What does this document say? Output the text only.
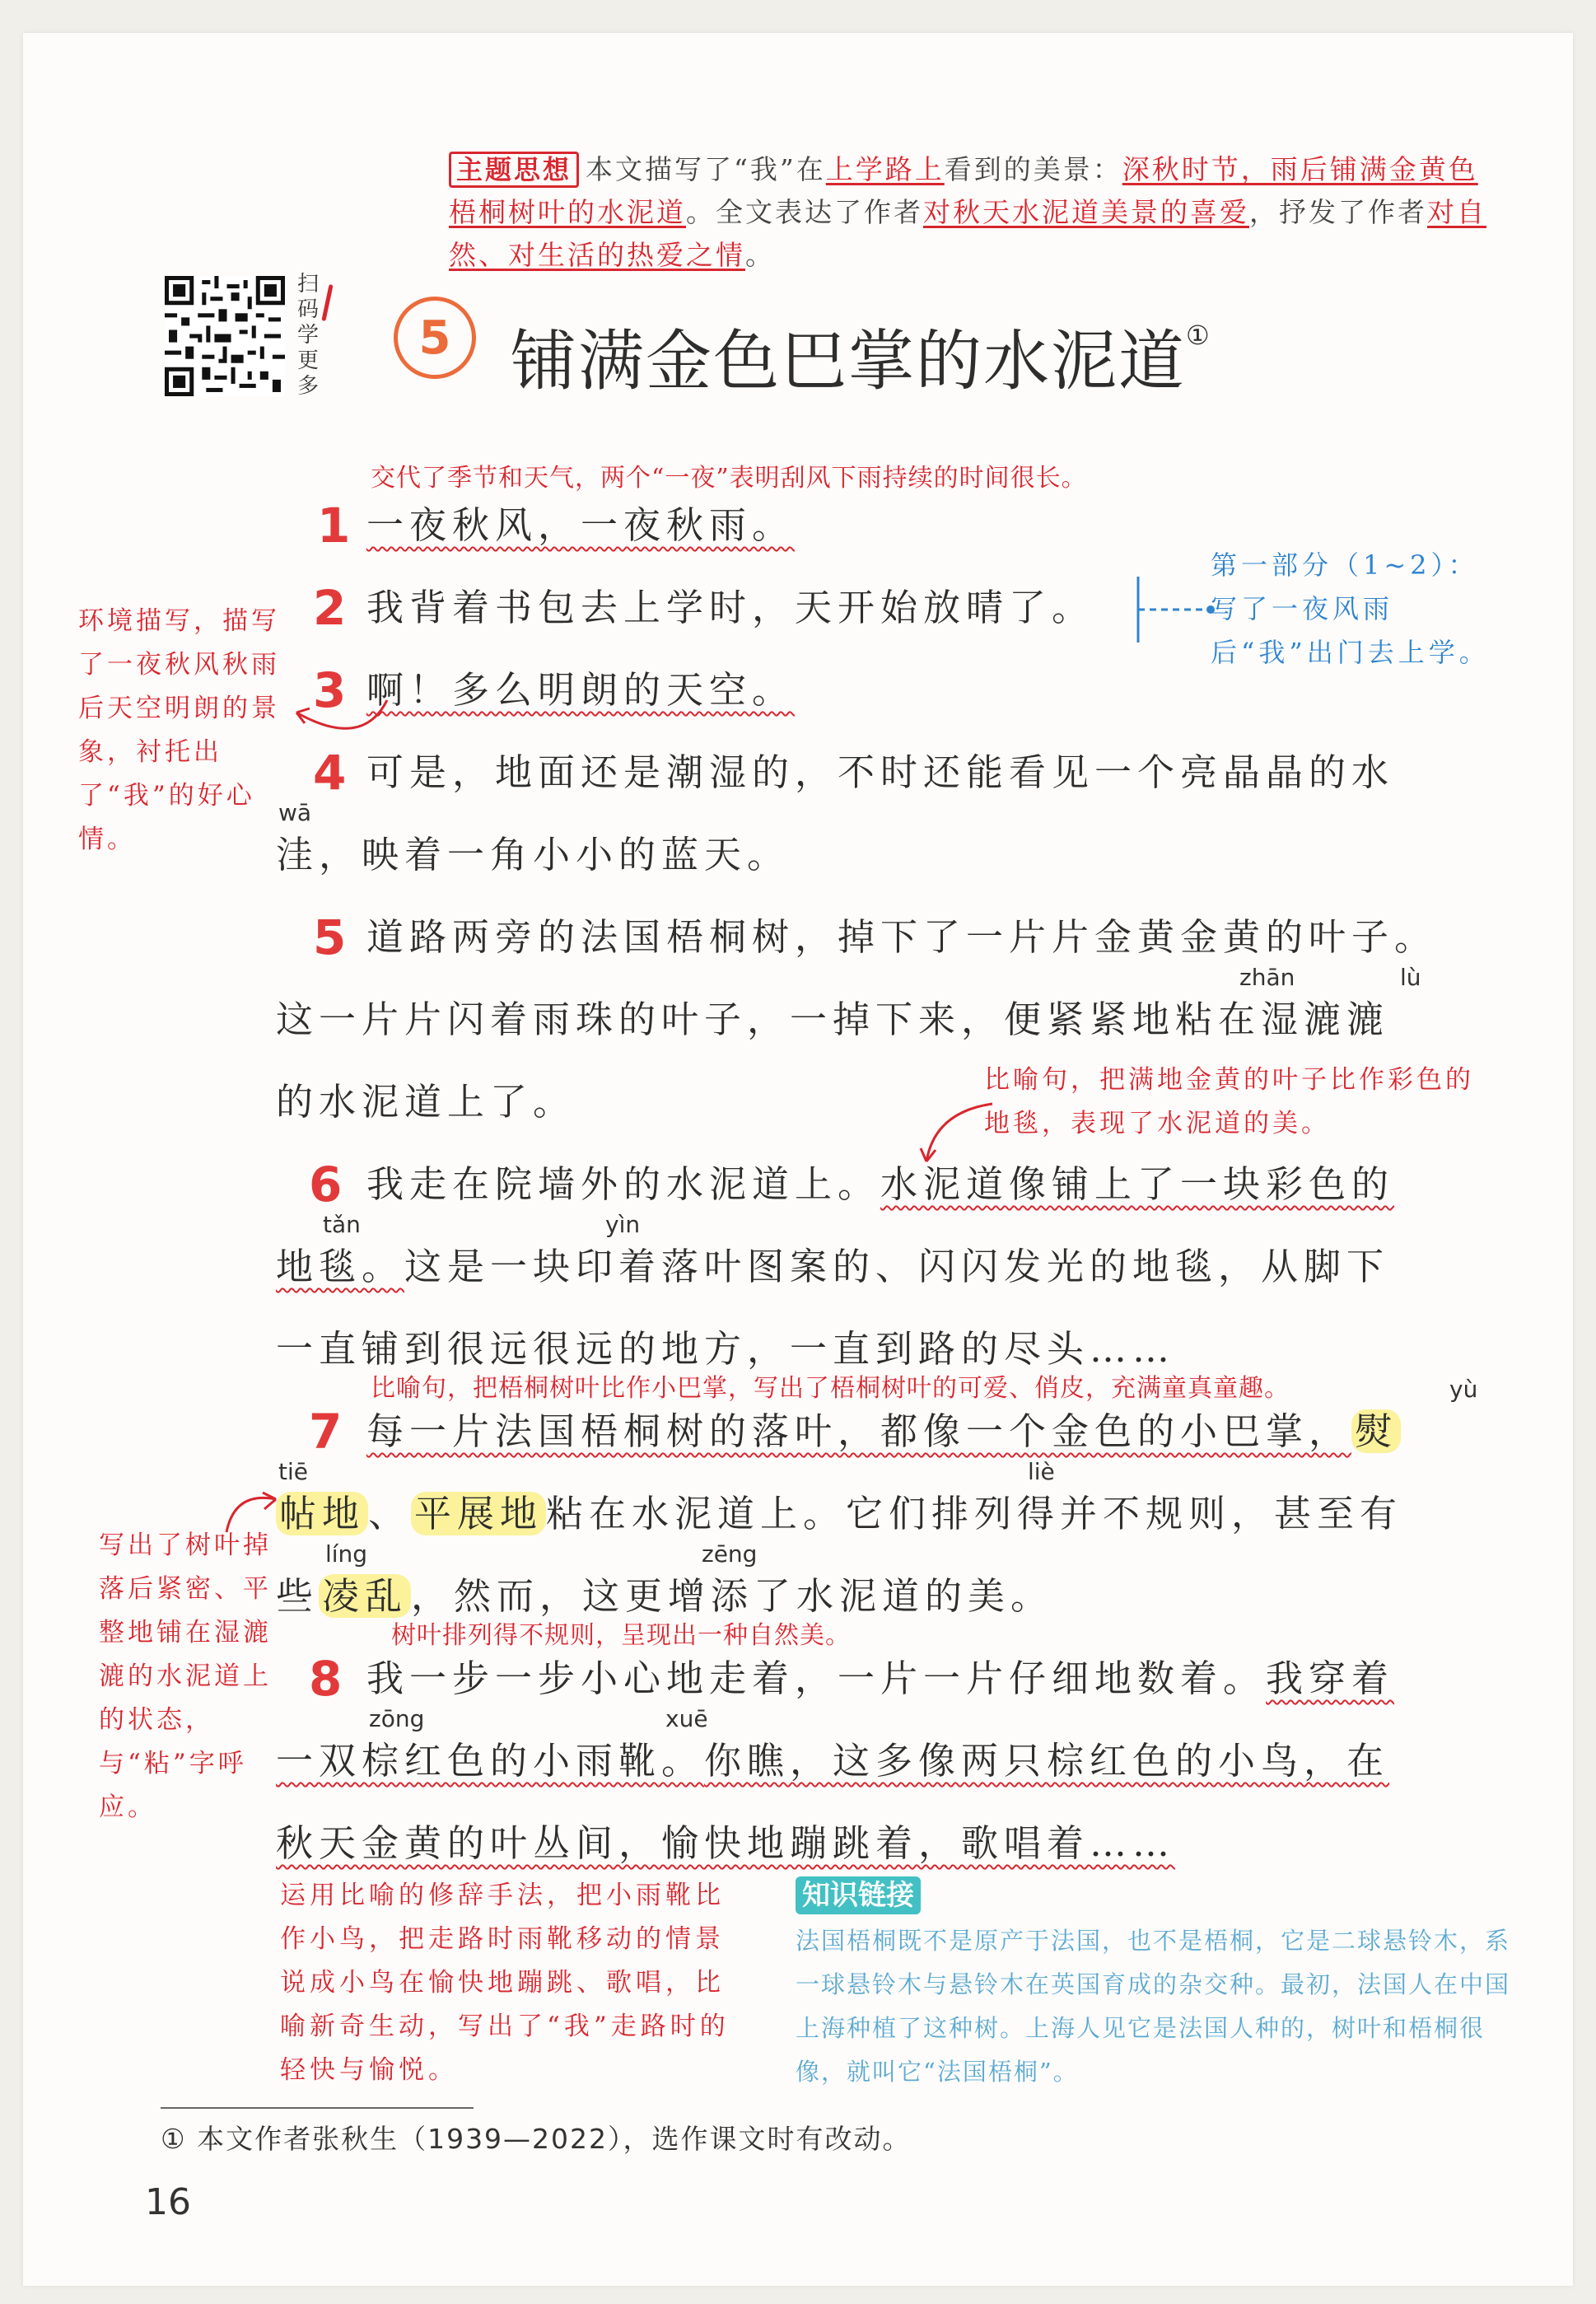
主题思想 本文描写了“我”在上学路上看到的美景：深秋时节，雨后铺满金黄色梧桐树叶的水泥道。全文表达了作者对秋天水泥道美景的喜爱，抒发了作者对自然、对生活的热爱之情。
扫
码
学
更
多
5 铺满金色巴掌的水泥道①
交代了季节和天气，两个“一夜”表明刮风下雨持续的时间很长。
1 一夜秋风，一夜秋雨。
2 我背着书包去上学时，天开始放晴了。
第一部分（1~2）：
写了一夜风雨后“我”出门去上学。
3 啊！多么明朗的天空。
环境描写，描写了一夜秋风秋雨后天空明朗的景象，衬托出了“我”的好心情。
4 可是，地面还是潮湿的，不时还能看见一个亮晶晶的水
wā
洼，映着一角小小的蓝天。
5 道路两旁的法国梧桐树，掉下了一片片金黄金黄的叶子。
zhān	lù
这一片片闪着雨珠的叶子，一掉下来，便紧紧地粘在湿漉漉
的水泥道上了。	比喻句，把满地金黄的叶子比作彩色的地毯，表现了水泥道的美。
6 我走在院墙外的水泥道上。水泥道像铺上了一块彩色的
tǎn	yìn
地毯。这是一块印着落叶图案的、闪闪发光的地毯，从脚下
一直铺到很远很远的地方，一直到路的尽头……
比喻句，把梧桐树叶比作小巴掌，写出了梧桐树叶的可爱、俏皮，充满童真童趣。
7
yù
每一片法国梧桐树的落叶，都像一个金色的小巴掌，熨
tiē	liè
帖地、平展地粘在水泥道上。它们排列得并不规则，甚至有
líng	zēng
些凌乱，然而，这更增添了水泥道的美。
写出了树叶掉落后紧密、平整地铺在湿漉漉的水泥道上的状态，与“粘”字呼应。
树叶排列得不规则，呈现出一种自然美。
8 我一步一步小心地走着，一片一片仔细地数着。我穿着
zōng	xuē
一双棕红色的小雨靴。你瞧，这多像两只棕红色的小鸟，在
秋天金黄的叶丛间，愉快地蹦跳着，歌唱着……
运用比喻的修辞手法，把小雨靴比作小鸟，把走路时雨靴移动的情景说成小鸟在愉快地蹦跳、歌唱，比喻新奇生动，写出了“我”走路时的轻快与愉悦。
知识链接
法国梧桐既不是原产于法国，也不是梧桐，它是二球悬铃木，系一球悬铃木与悬铃木在英国育成的杂交种。最初，法国人在中国上海种植了这种树。上海人见它是法国人种的，树叶和梧桐很像，就叫它“法国梧桐”。
① 本文作者张秋生（1939—2022），选作课文时有改动。
16
